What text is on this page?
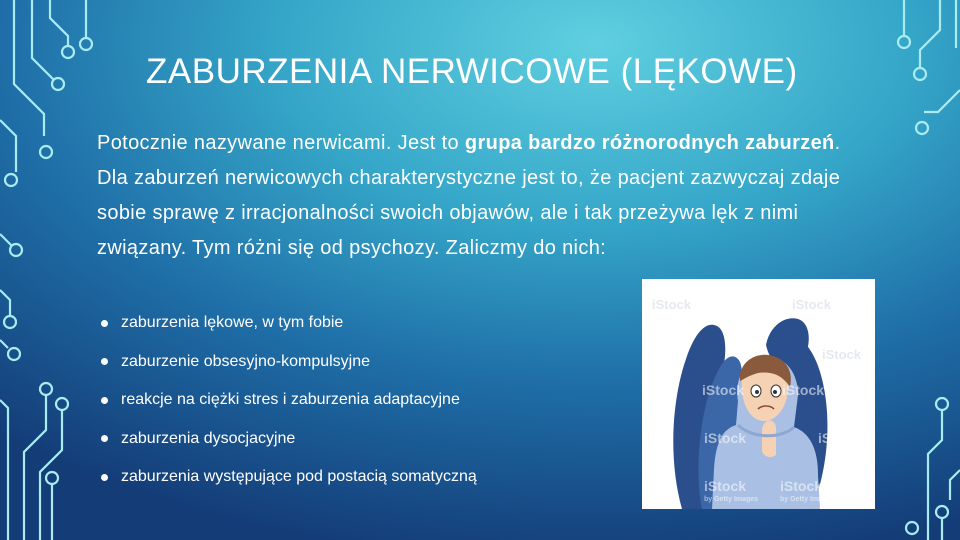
ZABURZENIA NERWICOWE (LĘKOWE)
Potocznie nazywane nerwicami. Jest to grupa bardzo różnorodnych zaburzeń. Dla zaburzeń nerwicowych charakterystyczne jest to, że pacjent zazwyczaj zdaje sobie sprawę z irracjonalności swoich objawów, ale i tak przeżywa lęk z nimi związany. Tym różni się od psychozy. Zaliczmy do nich:
zaburzenia lękowe, w tym fobie
zaburzenie obsesyjno-kompulsyjne
reakcje na ciężki stres i zaburzenia adaptacyjne
zaburzenia dysocjacyjne
zaburzenia występujące pod postacią somatyczną
iStock	iStock
iStock
iStock	iStock
iStock	iStock
iStock iStock
by Getty Images	by Getty Images
